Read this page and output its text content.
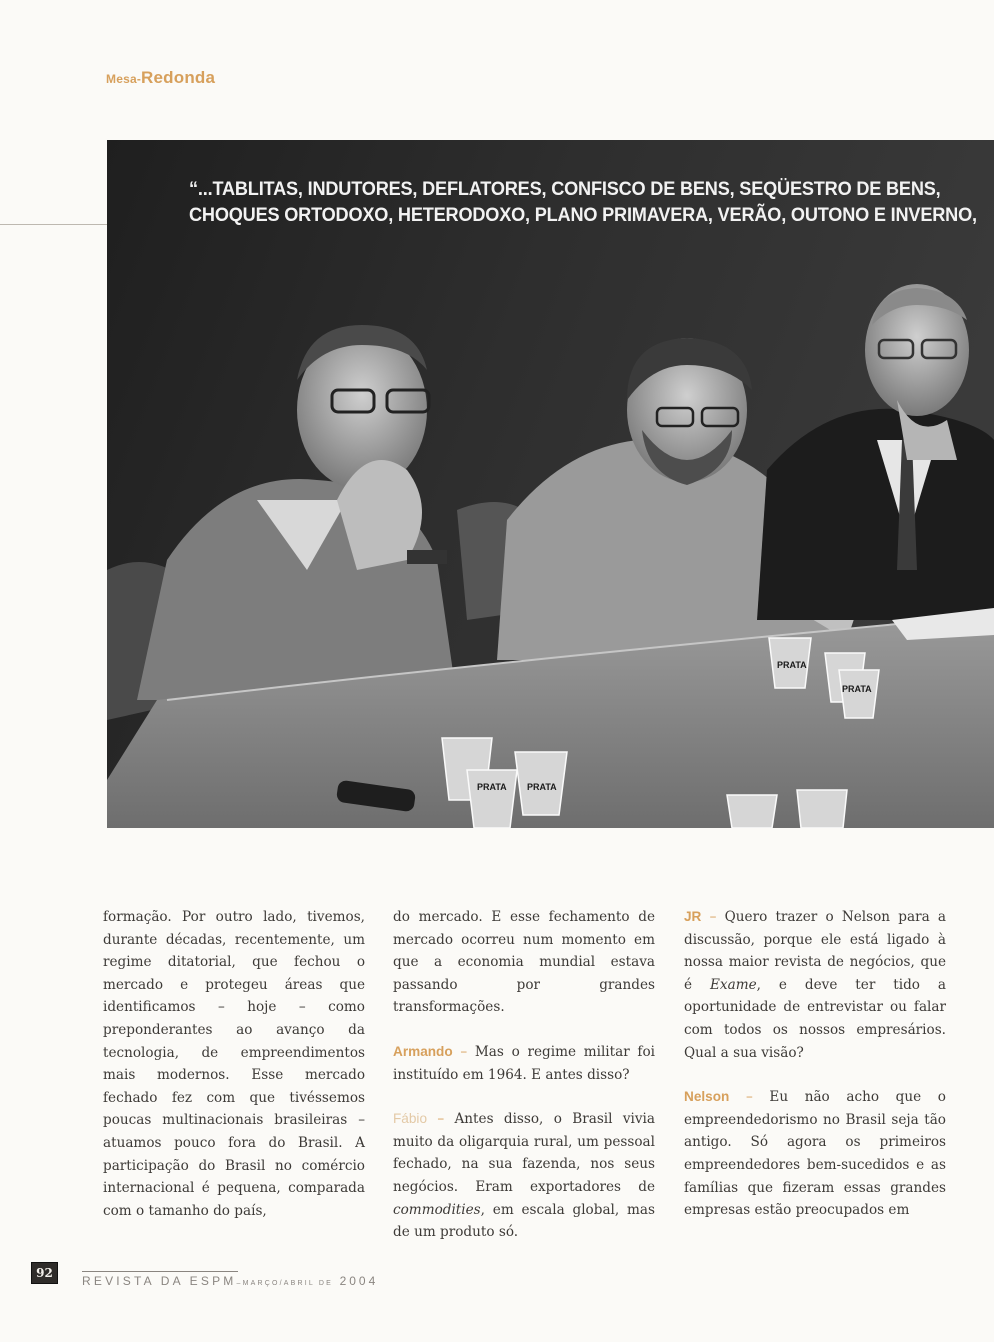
Mesa-Redonda
PRATA PRATA
PRATA
PRATA
“...TABLITAS, INDUTORES, DEFLATORES, CONFISCO DE BENS, SEQÜESTRO DE BENS,
CHOQUES ORTODOXO, HETERODOXO, PLANO PRIMAVERA, VERÃO, OUTONO E INVERNO,

formação. Por outro lado, tivemos, durante décadas, recentemente, um regime ditatorial, que fechou o mercado e protegeu áreas que identificamos – hoje – como preponderantes ao avanço da tecnologia, de empreendimentos mais modernos. Esse mercado fechado fez com que tivéssemos poucas multinacionais brasileiras – atuamos pouco fora do Brasil. A participação do Brasil no comércio internacional é pequena, comparada com o tamanho do país,

do mercado. E esse fechamento de mercado ocorreu num momento em que a economia mundial estava passando por grandes transformações.

Armando – Mas o regime militar foi instituído em 1964. E antes disso?

Fábio – Antes disso, o Brasil vivia muito da oligarquia rural, um pessoal fechado, na sua fazenda, nos seus negócios. Eram exportadores de commodities, em escala global, mas de um produto só.

JR – Quero trazer o Nelson para a discussão, porque ele está ligado à nossa maior revista de negócios, que é Exame, e deve ter tido a oportunidade de entrevistar ou falar com todos os nossos empresários. Qual a sua visão?

Nelson – Eu não acho que o empreendedorismo no Brasil seja tão antigo. Só agora os primeiros empreendedores bem-sucedidos e as famílias que fizeram essas grandes empresas estão preocupados em

92
REVISTA DA ESPM–MARÇO/ABRIL DE 2004
